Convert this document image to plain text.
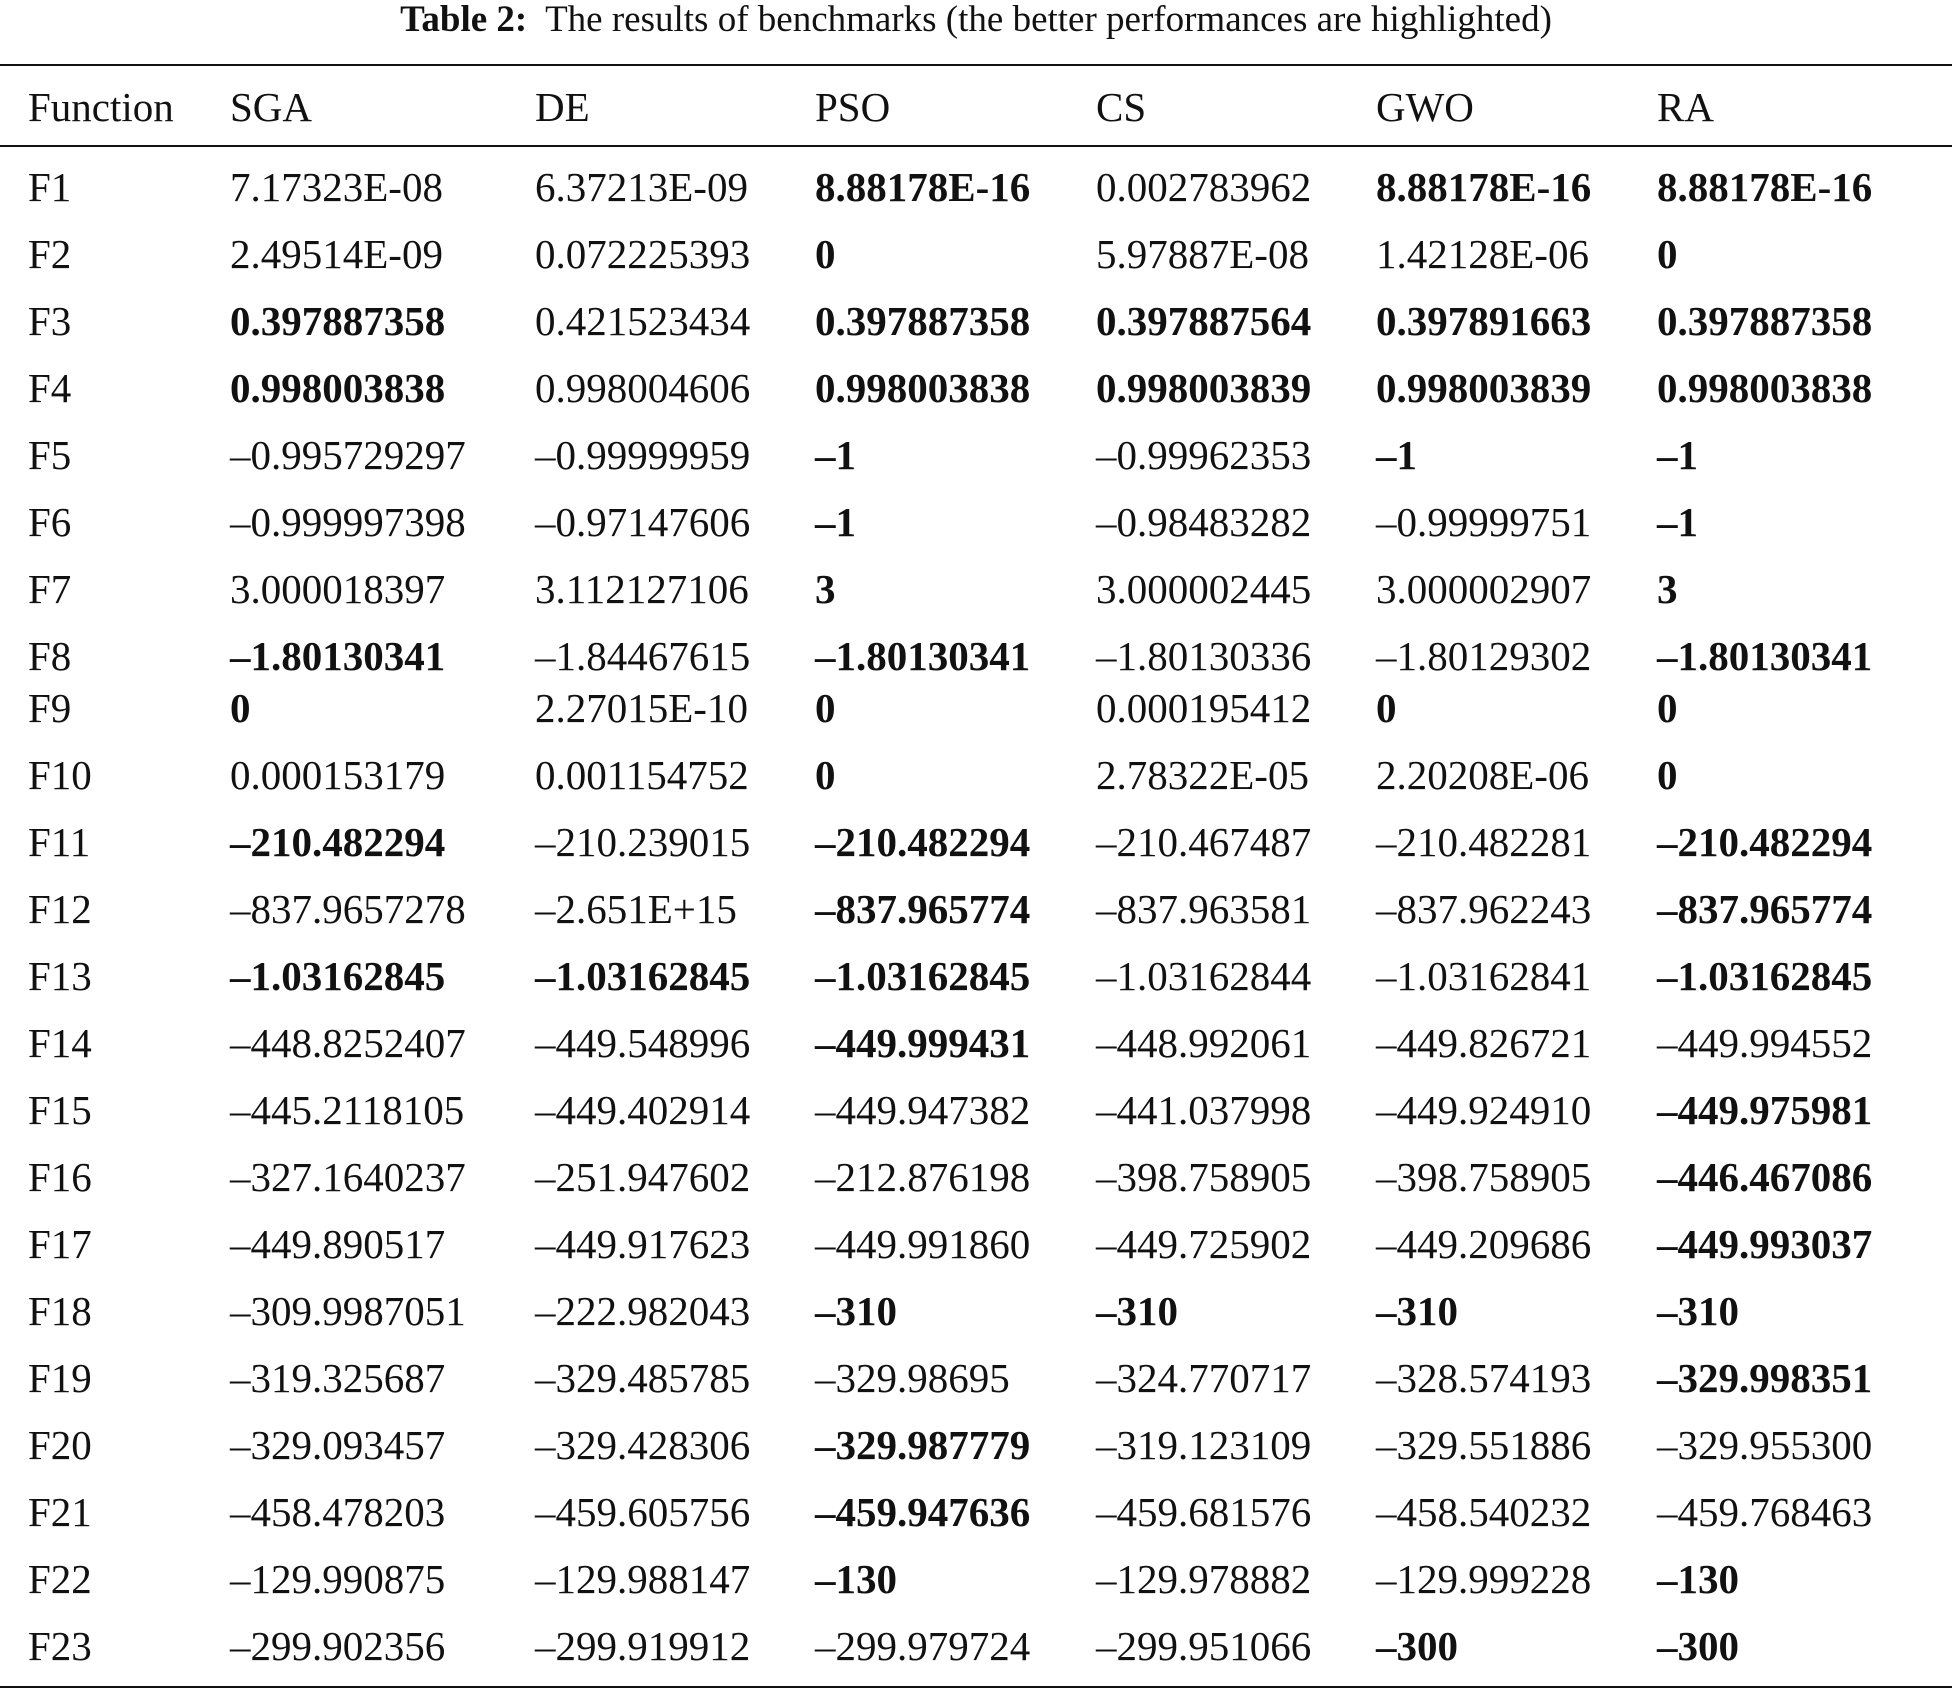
Table 2: The results of benchmarks (the better performances are highlighted)
Function SGA	DE	PSO	CS	GWO	RA
F1	7.17323E-08 6.37213E-09 8.88178E-16 0.002783962 8.88178E-16 8.88178E-16
F2	2.49514E-09 0.072225393 0	5.97887E-08 1.42128E-06 0
F3	0.397887358 0.421523434 0.397887358 0.397887564 0.397891663 0.397887358
F4	0.998003838 0.998004606 0.998003838 0.998003839 0.998003839 0.998003838
F5	–0.995729297 –0.99999959 –1	–0.99962353 –1	–1
F6	–0.999997398 –0.97147606 –1	–0.98483282 –0.99999751 –1
F7	3.000018397 3.112127106 3	3.000002445 3.000002907 3
F8	–1.80130341 –1.84467615 –1.80130341 –1.80130336 –1.80129302 –1.80130341
F9	0	2.27015E-10 0	0.000195412 0	0
F10	0.000153179 0.001154752 0	2.78322E-05 2.20208E-06 0
F11	–210.482294 –210.239015 –210.482294 –210.467487 –210.482281 –210.482294
F12	–837.9657278 –2.651E+15 –837.965774 –837.963581 –837.962243 –837.965774
F13	–1.03162845 –1.03162845 –1.03162845 –1.03162844 –1.03162841 –1.03162845
F14	–448.8252407 –449.548996 –449.999431 –448.992061 –449.826721 –449.994552
F15	–445.2118105 –449.402914 –449.947382 –441.037998 –449.924910 –449.975981
F16	–327.1640237 –251.947602 –212.876198 –398.758905 –398.758905 –446.467086
F17	–449.890517 –449.917623 –449.991860 –449.725902 –449.209686 –449.993037
F18	–309.9987051 –222.982043 –310	–310	–310	–310
F19	–319.325687 –329.485785 –329.98695 –324.770717 –328.574193 –329.998351
F20	–329.093457 –329.428306 –329.987779 –319.123109 –329.551886 –329.955300
F21	–458.478203 –459.605756 –459.947636 –459.681576 –458.540232 –459.768463
F22	–129.990875 –129.988147 –130	–129.978882 –129.999228 –130
F23	–299.902356 –299.919912 –299.979724 –299.951066 –300	–300
